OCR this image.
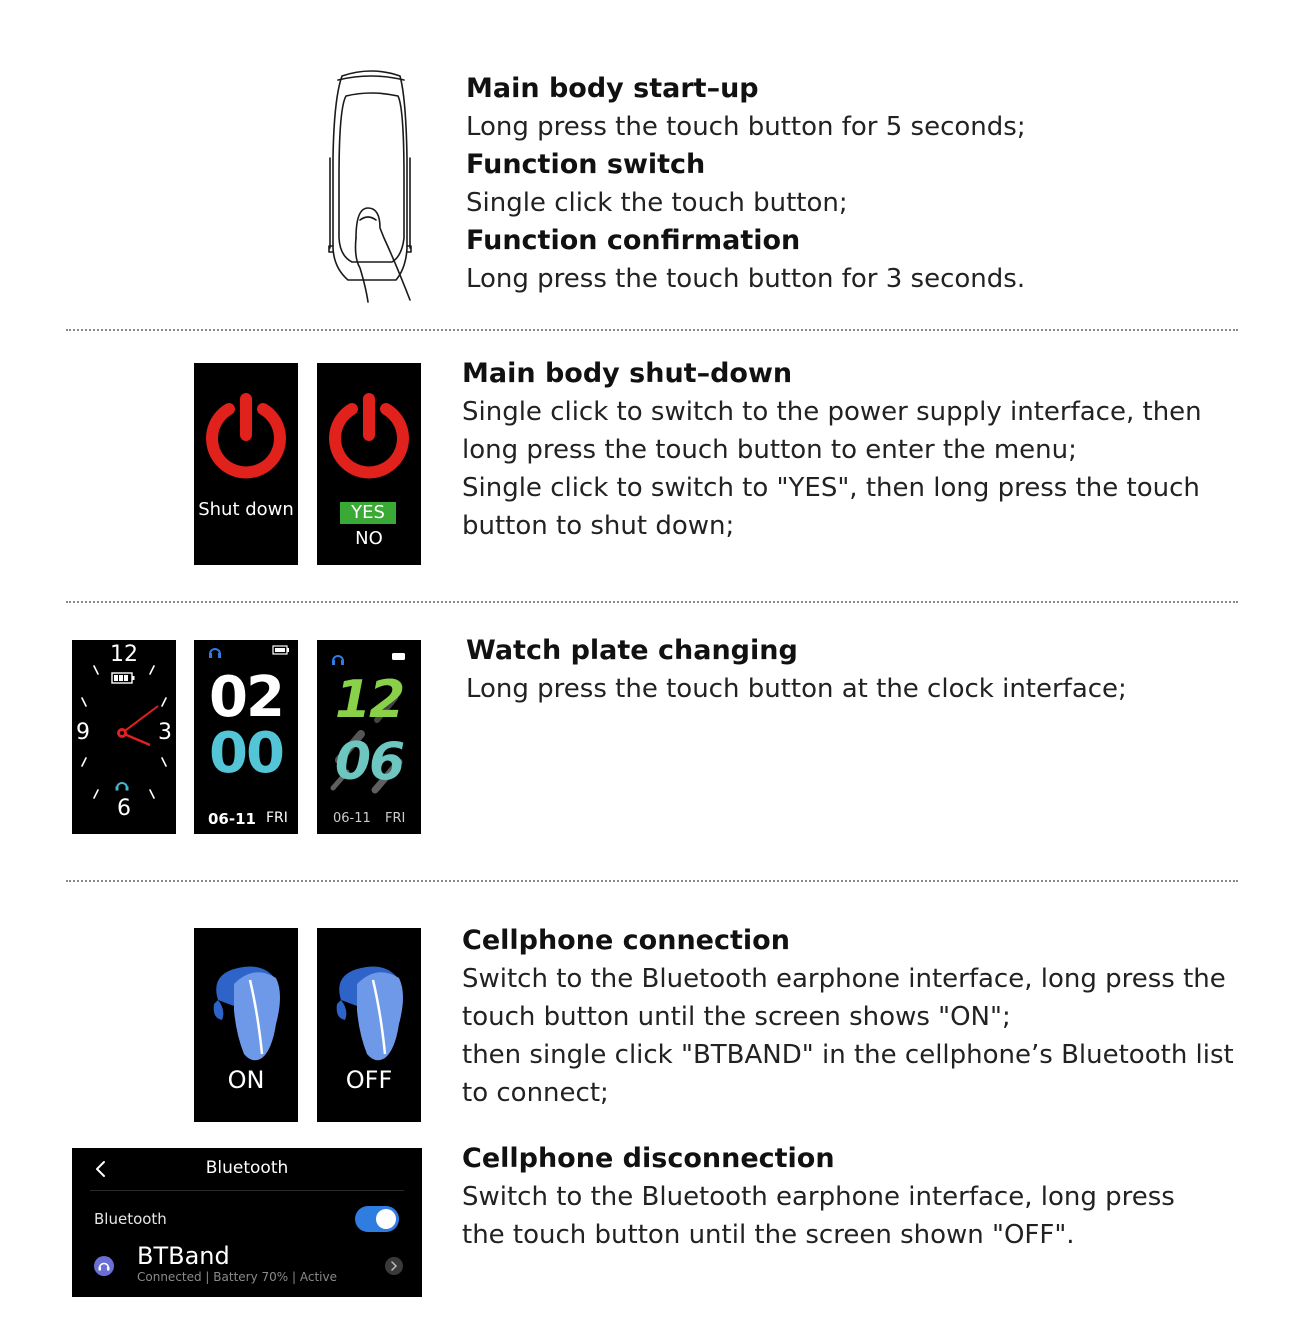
Main body start–up
Long press the touch button for 5 seconds;
Function switch
Single click the touch button;
Function confirmation
Long press the touch button for 3 seconds.
Shut down	YES
NO
Main body shut–down
Single click to switch to the power supply interface, then
long press the touch button to enter the menu;
Single click to switch to "YES", then long press the touch
button to shut down;
12
3
6
9
02
00
06-11 FRI
12
06
06-11 FRI
Watch plate changing
Long press the touch button at the clock interface;
ON	OFF
Cellphone connection
Switch to the Bluetooth earphone interface, long press the
touch button until the screen shows "ON";
then single click "BTBAND" in the cellphone’s Bluetooth list
to connect;
Bluetooth
Bluetooth
BTBand
Connected | Battery 70% | Active
Cellphone disconnection
Switch to the Bluetooth earphone interface, long press
the touch button until the screen shown "OFF".
